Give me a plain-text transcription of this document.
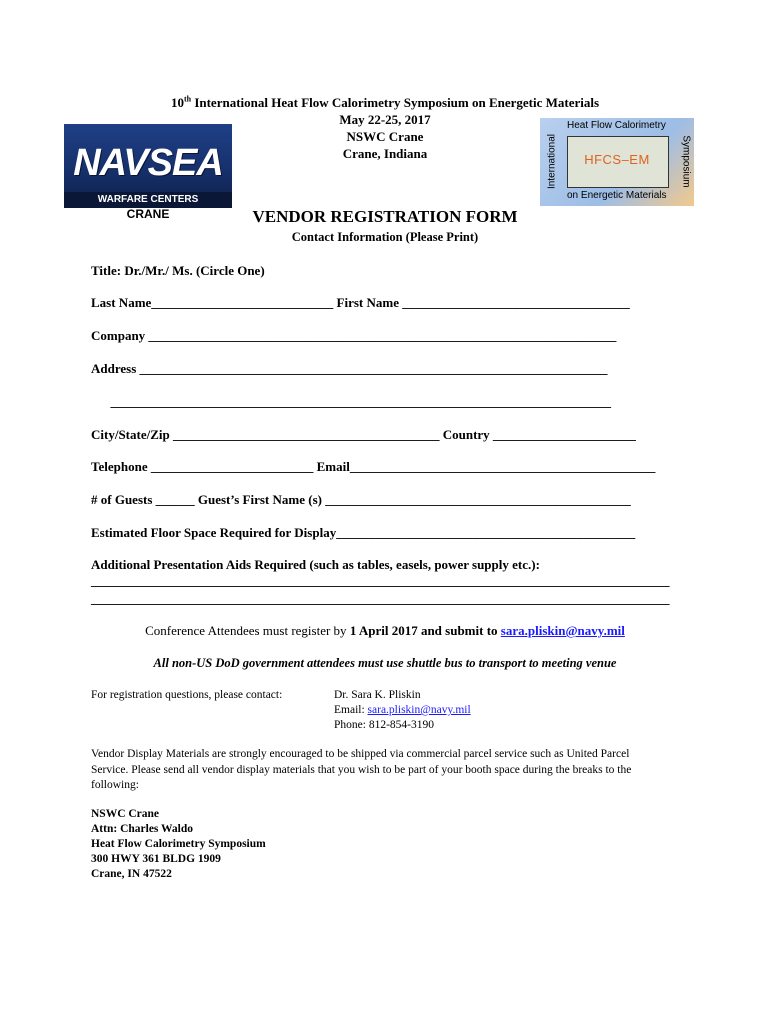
10th International Heat Flow Calorimetry Symposium on Energetic Materials
May 22-25, 2017
NSWC Crane
Crane, Indiana
NAVSEA
WARFARE CENTERS
CRANE
Heat Flow Calorimetry
HFCS–EM
on Energetic Materials
International	Symposium
VENDOR REGISTRATION FORM
Contact Information (Please Print)
Title: Dr./Mr./ Ms. (Circle One)
Last Name____________________________ First Name ___________________________________
Company ________________________________________________________________________
Address ________________________________________________________________________
_____________________________________________________________________________
City/State/Zip _________________________________________ Country ______________________
Telephone _________________________ Email_______________________________________________
# of Guests ______ Guest’s First Name (s) _______________________________________________
Estimated Floor Space Required for Display______________________________________________
Additional Presentation Aids Required (such as tables, easels, power supply etc.):
_________________________________________________________________________________________
_________________________________________________________________________________________
Conference Attendees must register by 1 April 2017 and submit to sara.pliskin@navy.mil
All non-US DoD government attendees must use shuttle bus to transport to meeting venue
For registration questions, please contact:	Dr. Sara K. Pliskin
Email: sara.pliskin@navy.mil
Phone: 812-854-3190
Vendor Display Materials are strongly encouraged to be shipped via commercial parcel service such as United Parcel Service. Please send all vendor display materials that you wish to be part of your booth space during the breaks to the following:
NSWC Crane
Attn: Charles Waldo
Heat Flow Calorimetry Symposium
300 HWY 361 BLDG 1909
Crane, IN 47522
